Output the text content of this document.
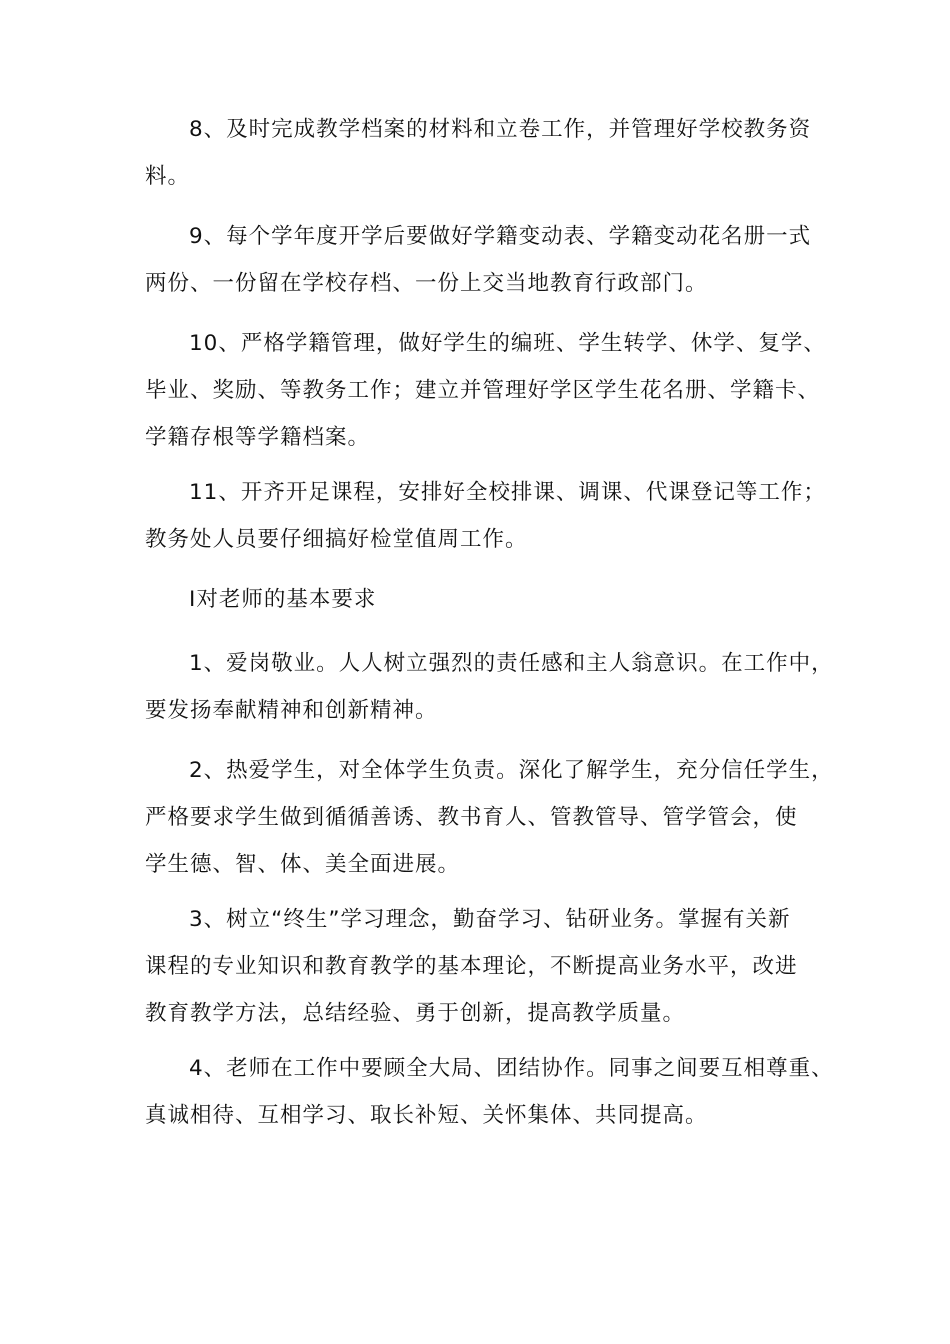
8、及时完成教学档案的材料和立卷工作，并管理好学校教务资
料。
9、每个学年度开学后要做好学籍变动表、学籍变动花名册一式
两份、一份留在学校存档、一份上交当地教育行政部门。
10、严格学籍管理，做好学生的编班、学生转学、休学、复学、
毕业、奖励、等教务工作；建立并管理好学区学生花名册、学籍卡、
学籍存根等学籍档案。
11、开齐开足课程，安排好全校排课、调课、代课登记等工作；
教务处人员要仔细搞好检堂值周工作。
I对老师的基本要求
1、爱岗敬业。人人树立强烈的责任感和主人翁意识。在工作中，
要发扬奉献精神和创新精神。
2、热爱学生，对全体学生负责。深化了解学生，充分信任学生，
严格要求学生做到循循善诱、教书育人、管教管导、管学管会，使
学生德、智、体、美全面进展。
3、树立“终生”学习理念，勤奋学习、钻研业务。掌握有关新
课程的专业知识和教育教学的基本理论，不断提高业务水平，改进
教育教学方法，总结经验、勇于创新，提高教学质量。
4、老师在工作中要顾全大局、团结协作。同事之间要互相尊重、
真诚相待、互相学习、取长补短、关怀集体、共同提高。
